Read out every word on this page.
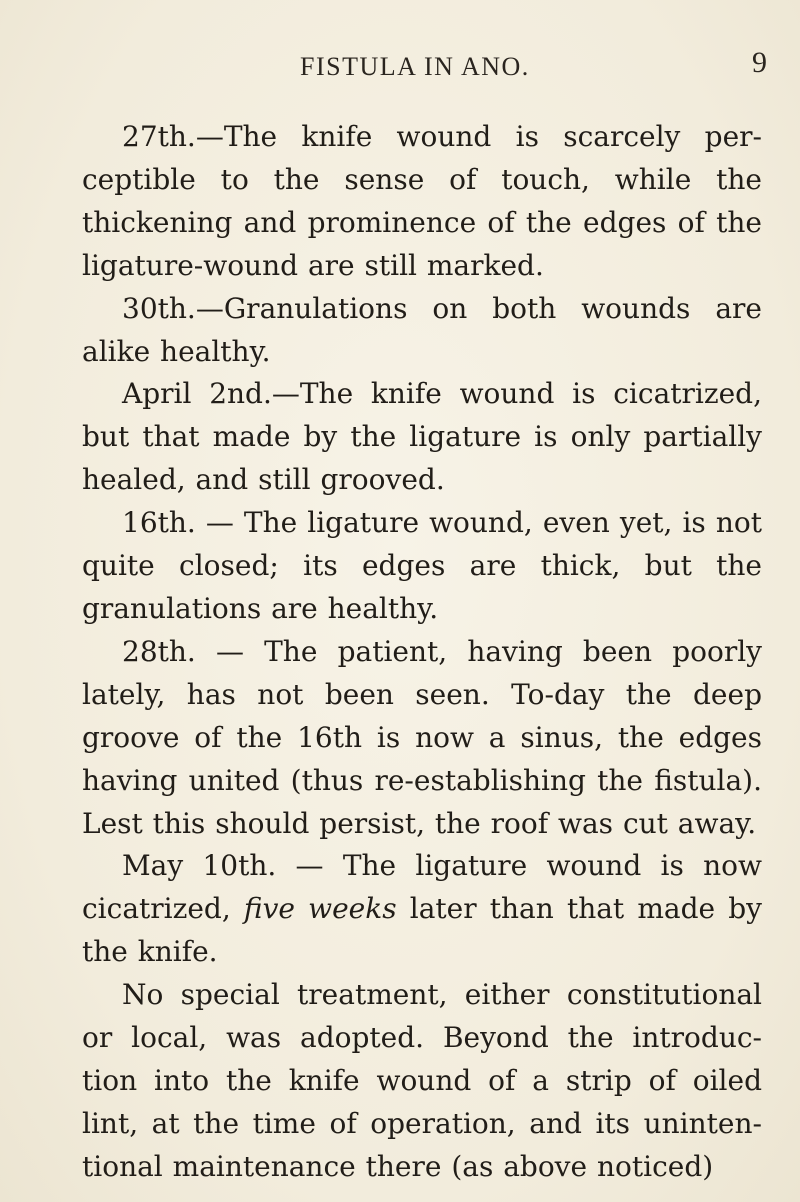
FISTULA IN ANO.	9

27th.—The knife wound is scarcely per-ceptible to the sense of touch, while the thickening and prominence of the edges of the ligature-wound are still marked.

30th.—Granulations on both wounds are alike healthy.

April 2nd.—The knife wound is cicatrized, but that made by the ligature is only partially healed, and still grooved.

16th. — The ligature wound, even yet, is not quite closed; its edges are thick, but the granulations are healthy.

28th. — The patient, having been poorly lately, has not been seen. To-day the deep groove of the 16th is now a sinus, the edges having united (thus re-establishing the fistula). Lest this should persist, the roof was cut away.

May 10th. — The ligature wound is now cicatrized, five weeks later than that made by the knife.

No special treatment, either constitutional or local, was adopted. Beyond the introduc-tion into the knife wound of a strip of oiled lint, at the time of operation, and its uninten-tional maintenance there (as above noticed)
